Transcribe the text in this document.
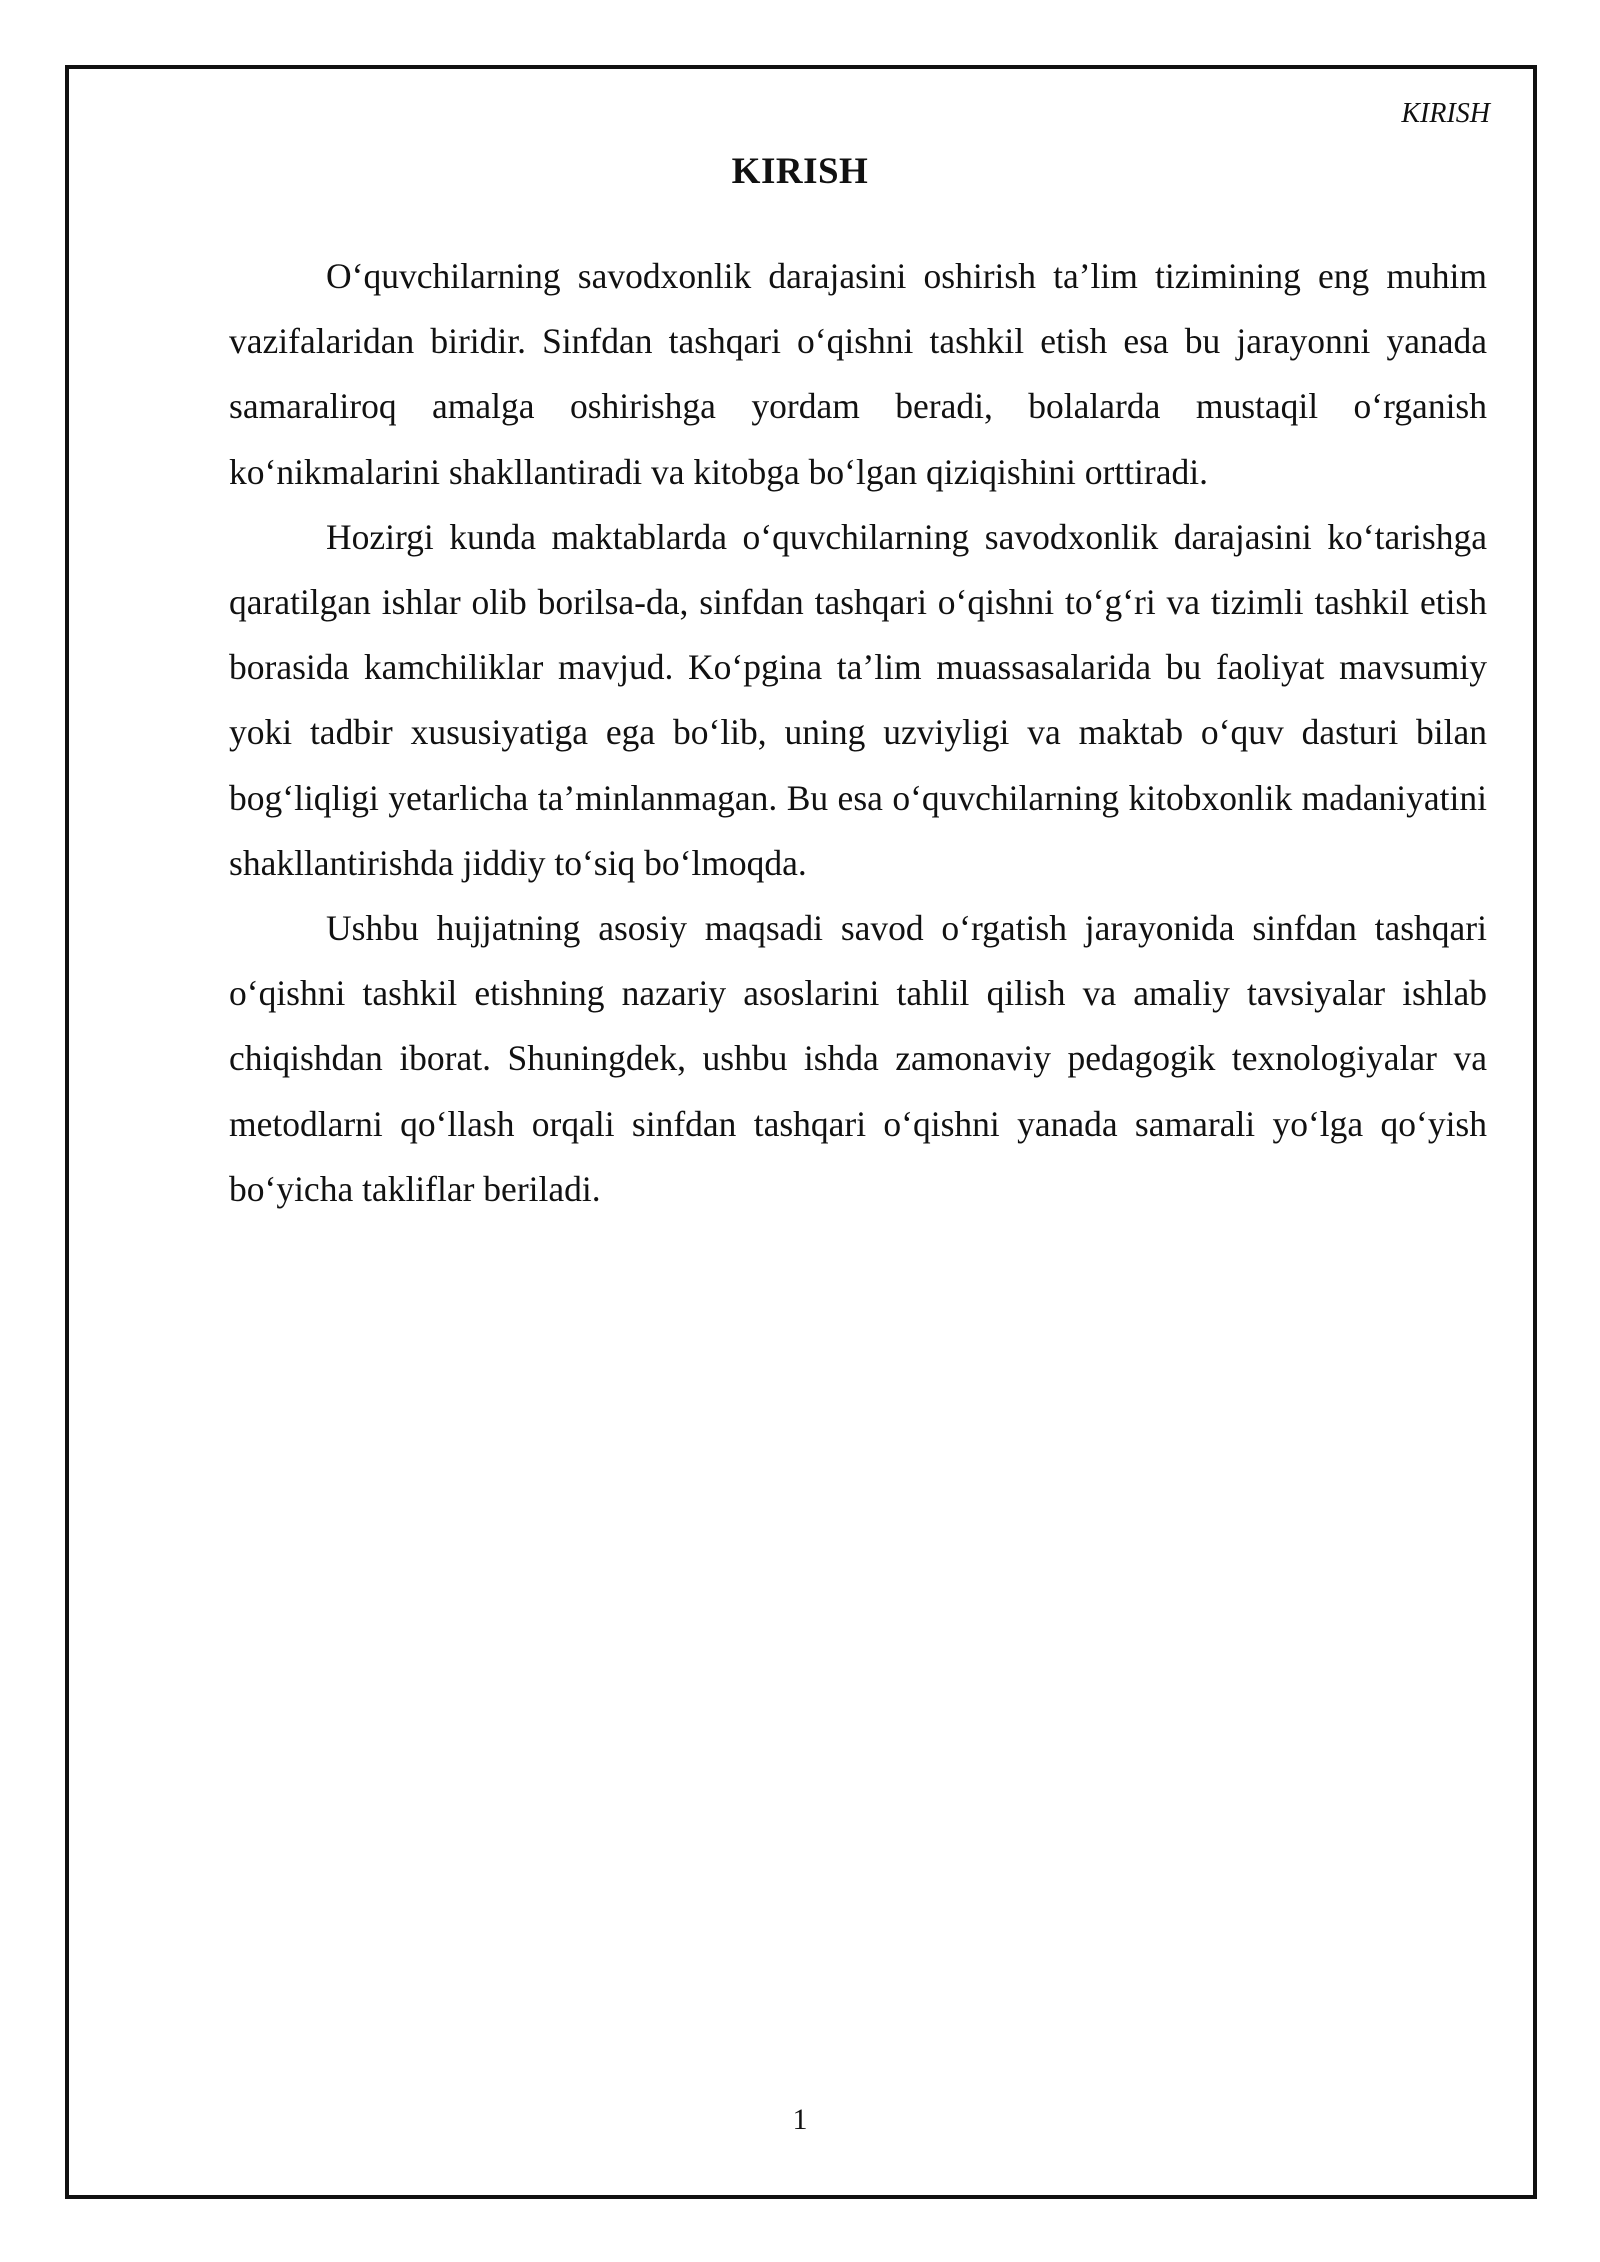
KIRISH
KIRISH

O‘quvchilarning savodxonlik darajasini oshirish ta’lim tizimining eng muhim vazifalaridan biridir. Sinfdan tashqari o‘qishni tashkil etish esa bu jarayonni yanada samaraliroq amalga oshirishga yordam beradi, bolalarda mustaqil o‘rganish ko‘nikmalarini shakllantiradi va kitobga bo‘lgan qiziqishini orttiradi.

Hozirgi kunda maktablarda o‘quvchilarning savodxonlik darajasini ko‘tarishga qaratilgan ishlar olib borilsa-da, sinfdan tashqari o‘qishni to‘g‘ri va tizimli tashkil etish borasida kamchiliklar mavjud. Ko‘pgina ta’lim muassasalarida bu faoliyat mavsumiy yoki tadbir xususiyatiga ega bo‘lib, uning uzviyligi va maktab o‘quv dasturi bilan bog‘liqligi yetarlicha ta’minlanmagan. Bu esa o‘quvchilarning kitobxonlik madaniyatini shakllantirishda jiddiy to‘siq bo‘lmoqda.

Ushbu hujjatning asosiy maqsadi savod o‘rgatish jarayonida sinfdan tashqari o‘qishni tashkil etishning nazariy asoslarini tahlil qilish va amaliy tavsiyalar ishlab chiqishdan iborat. Shuningdek, ushbu ishda zamonaviy pedagogik texnologiyalar va metodlarni qo‘llash orqali sinfdan tashqari o‘qishni yanada samarali yo‘lga qo‘yish bo‘yicha takliflar beriladi.

1
